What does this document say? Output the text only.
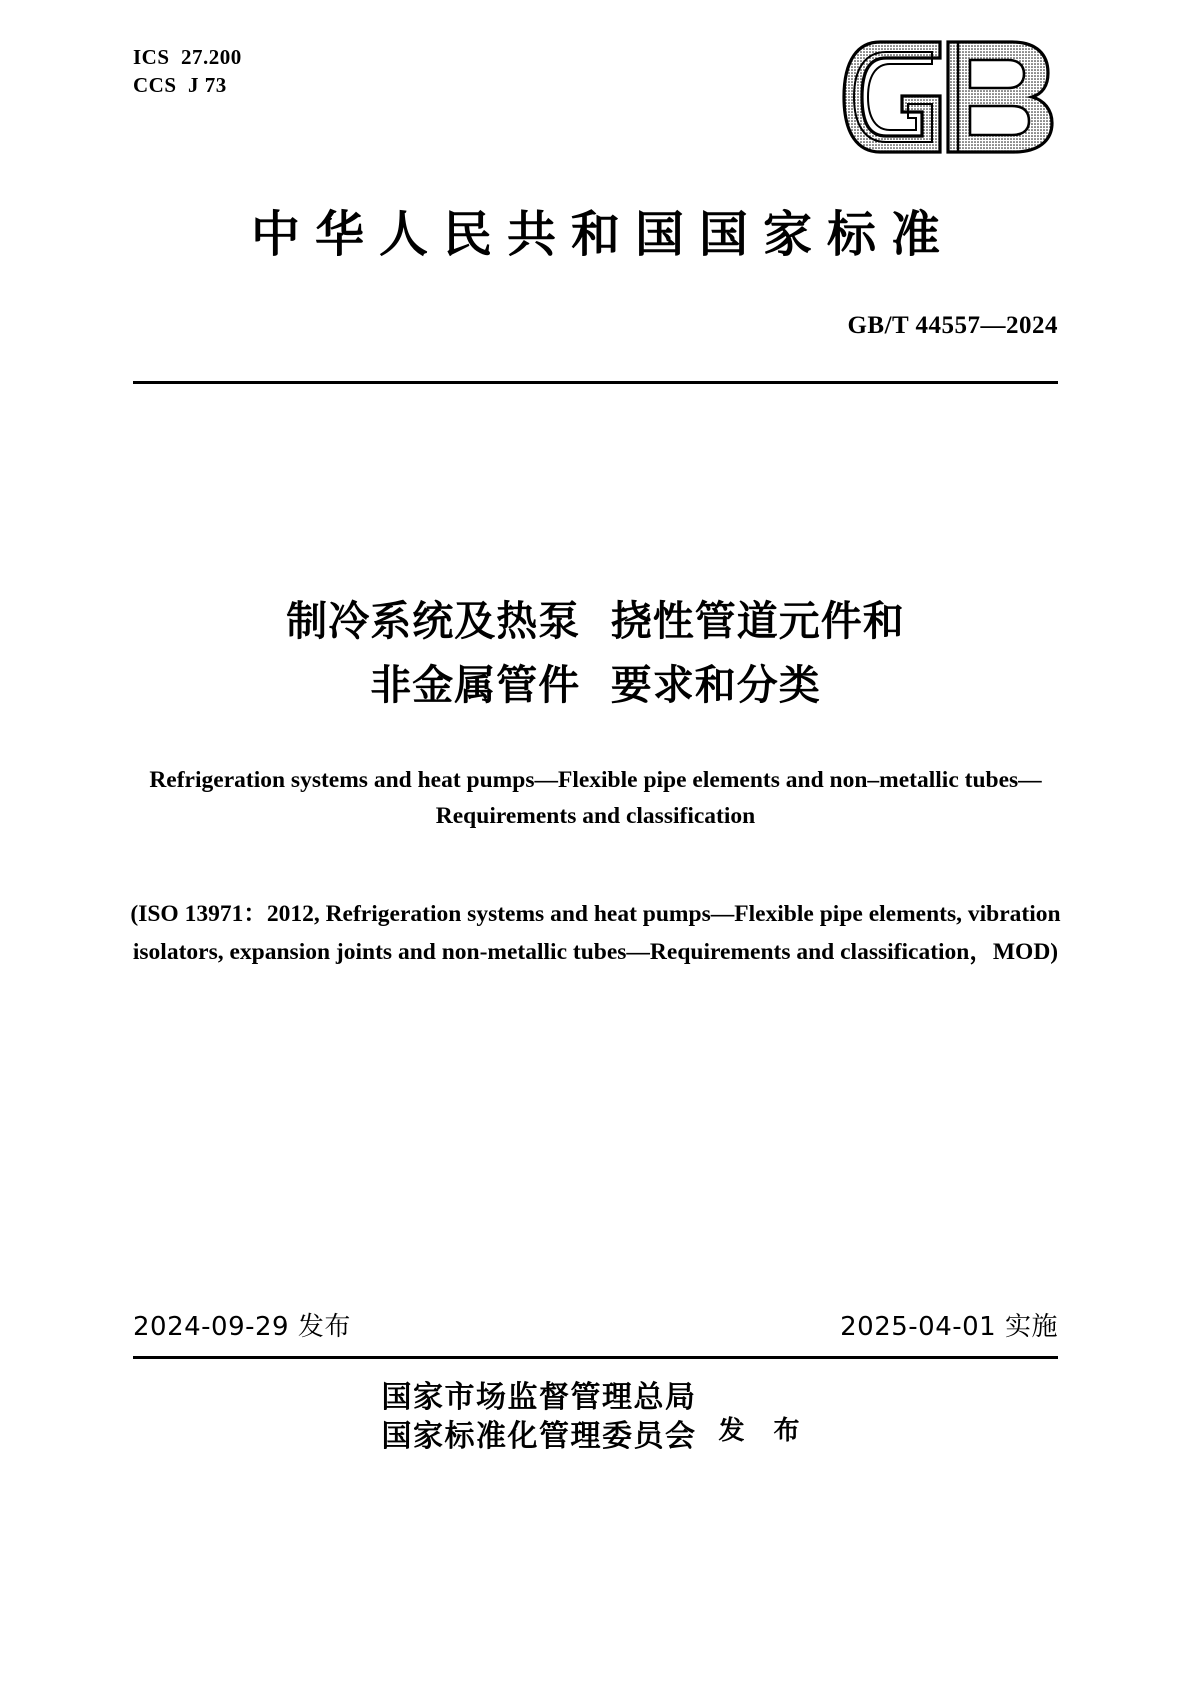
ICS  27.200
CCS  J 73
中华人民共和国国家标准
GB/T 44557—2024
制冷系统及热泵  挠性管道元件和
非金属管件  要求和分类
Refrigeration systems and heat pumps—Flexible pipe elements and non–metallic tubes—Requirements and classification
(ISO 13971：2012, Refrigeration systems and heat pumps—Flexible pipe elements, vibration isolators, expansion joints and non-metallic tubes—Requirements and classification，MOD)
2024-09-29 发布	2025-04-01 实施
国家市场监督管理总局
国家标准化管理委员会 发 布
